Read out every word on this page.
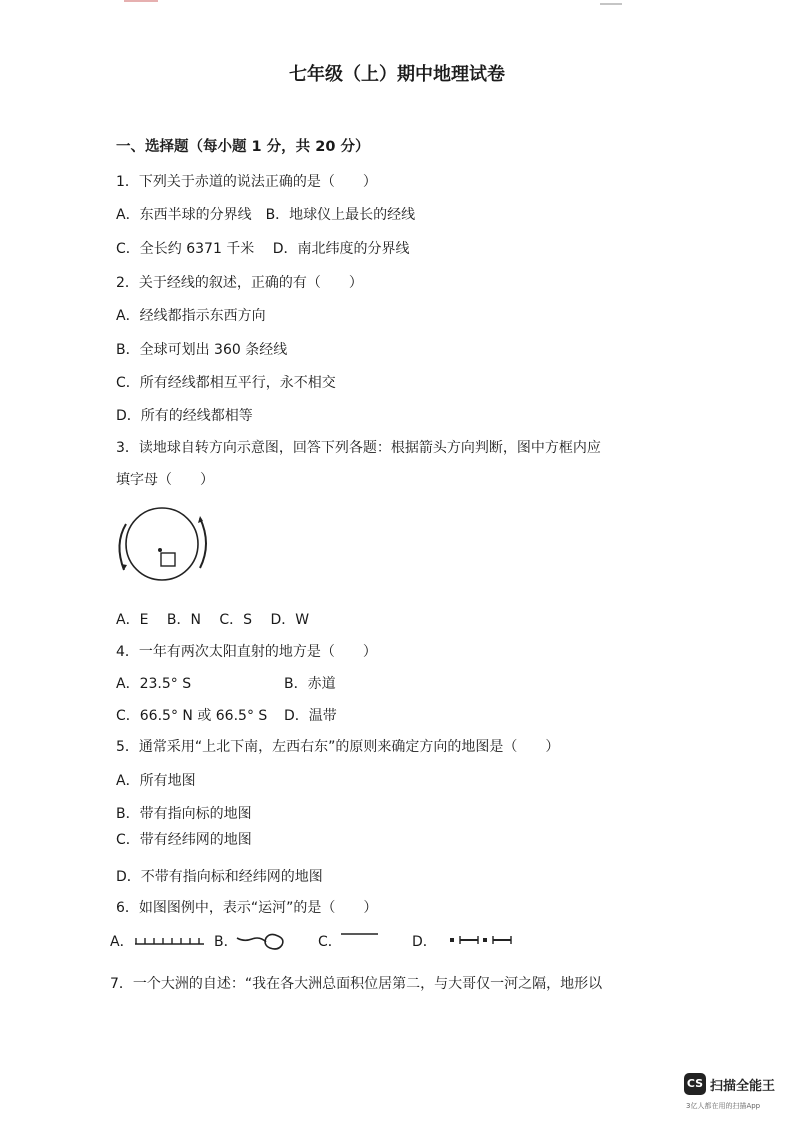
七年级（上）期中地理试卷
一、选择题（每小题 1 分，共 20 分）
1．下列关于赤道的说法正确的是（　　）
A．东西半球的分界线　B．地球仪上最长的经线
C．全长约 6371 千米　 D．南北纬度的分界线
2．关于经线的叙述，正确的有（　　）
A．经线都指示东西方向
B．全球可划出 360 条经线
C．所有经线都相互平行，永不相交
D．所有的经线都相等
3．读地球自转方向示意图，回答下列各题：根据箭头方向判断，图中方框内应
填字母（　　）
A．E　 B．N　 C．S　 D．W
4．一年有两次太阳直射的地方是（　　）
A．23.5° S	B．赤道
C．66.5° N 或 66.5° S D．温带
5．通常采用“上北下南，左西右东”的原则来确定方向的地图是（　　）
A．所有地图
B．带有指向标的地图
C．带有经纬网的地图
D．不带有指向标和经纬网的地图
6．如图图例中，表示“运河”的是（　　）
A．	B．	C．	D．
7．一个大洲的自述：“我在各大洲总面积位居第二，与大哥仅一河之隔，地形以
CS 扫描全能王
3亿人都在用的扫描App
